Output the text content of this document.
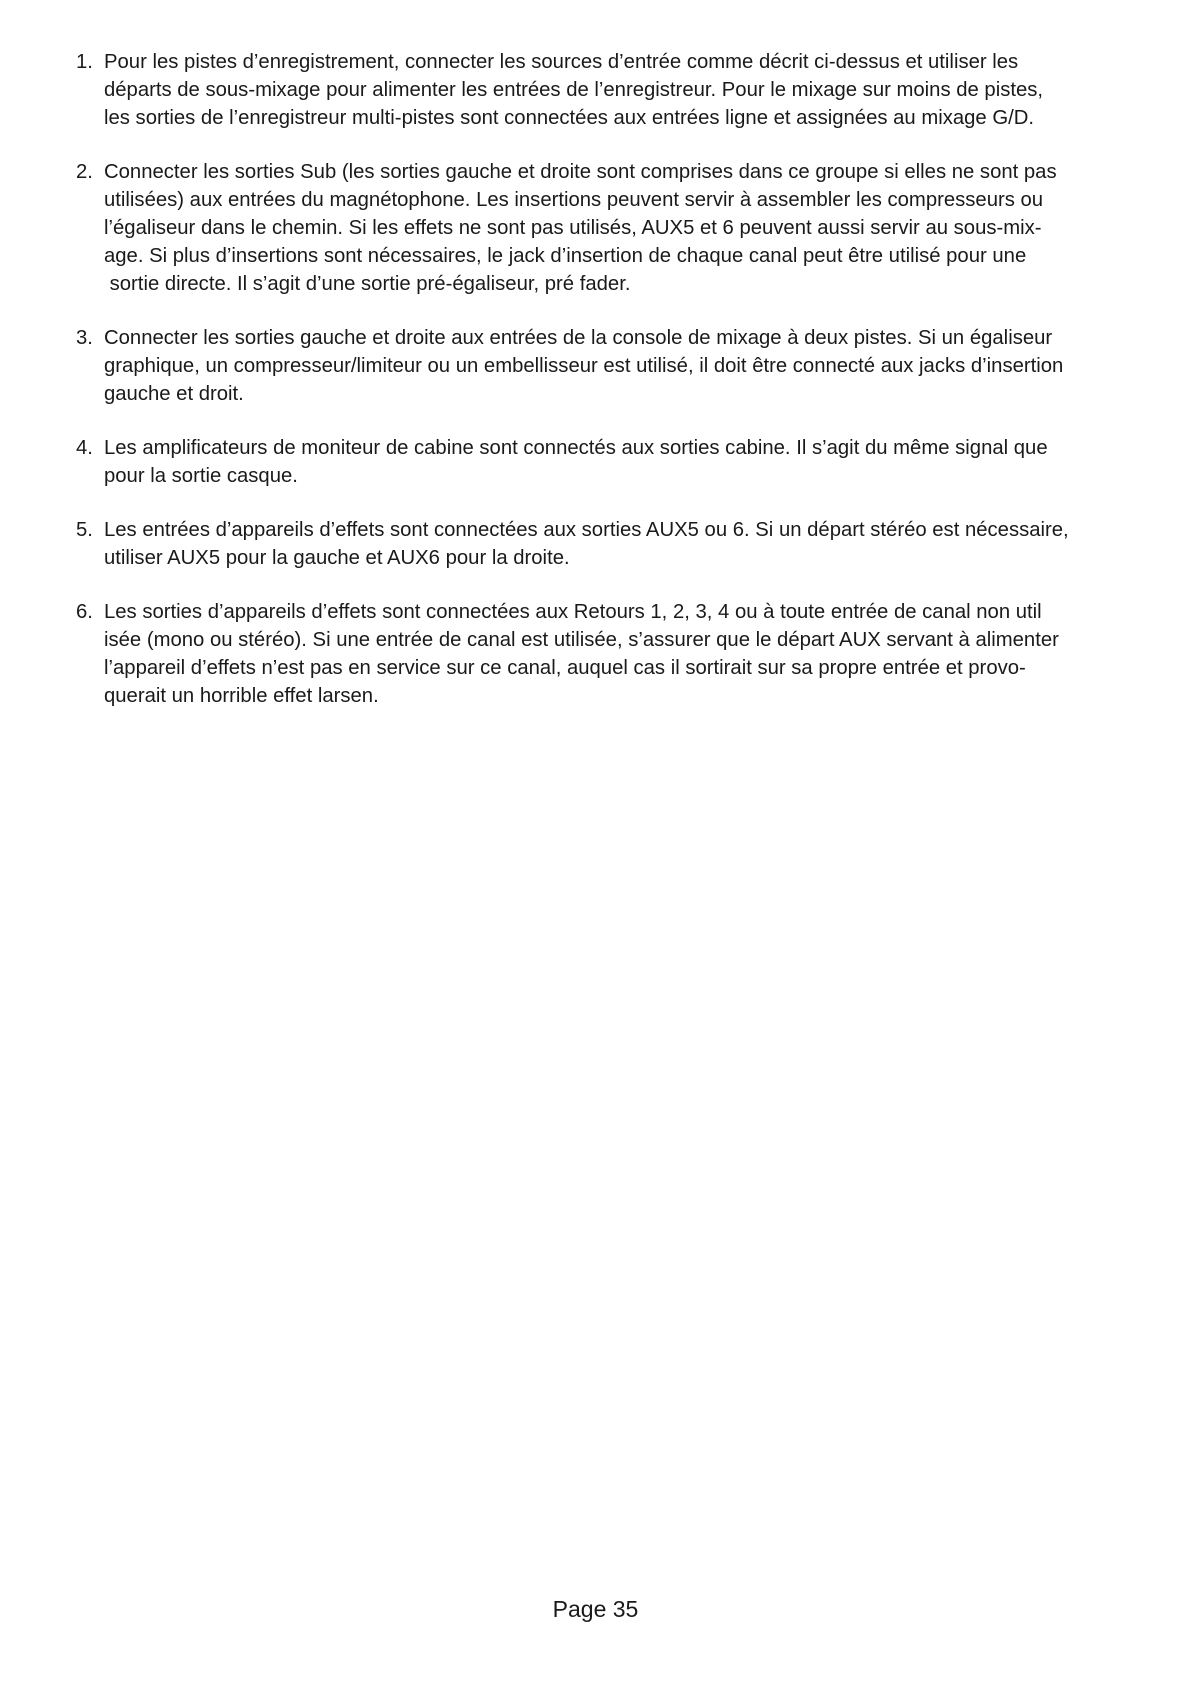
1. Pour les pistes d’enregistrement, connecter les sources d’entrée comme décrit ci-dessus et utiliser les
départs de sous-mixage pour alimenter les entrées de l’enregistreur. Pour le mixage sur moins de pistes,
les sorties de l’enregistreur multi-pistes sont connectées aux entrées ligne et assignées au mixage G/D.
2. Connecter les sorties Sub (les sorties gauche et droite sont comprises dans ce groupe si elles ne sont pas
utilisées) aux entrées du magnétophone. Les insertions peuvent servir à assembler les compresseurs ou
l’égaliseur dans le chemin. Si les effets ne sont pas utilisés, AUX5 et 6 peuvent aussi servir au sous-mix-
age. Si plus d’insertions sont nécessaires, le jack d’insertion de chaque canal peut être utilisé pour une
sortie directe. Il s’agit d’une sortie pré-égaliseur, pré fader.
3. Connecter les sorties gauche et droite aux entrées de la console de mixage à deux pistes. Si un égaliseur
graphique, un compresseur/limiteur ou un embellisseur est utilisé, il doit être connecté aux jacks d’insertion
gauche et droit.
4. Les amplificateurs de moniteur de cabine sont connectés aux sorties cabine. Il s’agit du même signal que
pour la sortie casque.
5. Les entrées d’appareils d’effets sont connectées aux sorties AUX5 ou 6. Si un départ stéréo est nécessaire,
utiliser AUX5 pour la gauche et AUX6 pour la droite.
6. Les sorties d’appareils d’effets sont connectées aux Retours 1, 2, 3, 4 ou à toute entrée de canal non util
isée (mono ou stéréo). Si une entrée de canal est utilisée, s’assurer que le départ AUX servant à alimenter
l’appareil d’effets n’est pas en service sur ce canal, auquel cas il sortirait sur sa propre entrée et provo-
querait un horrible effet larsen.
Page 35
